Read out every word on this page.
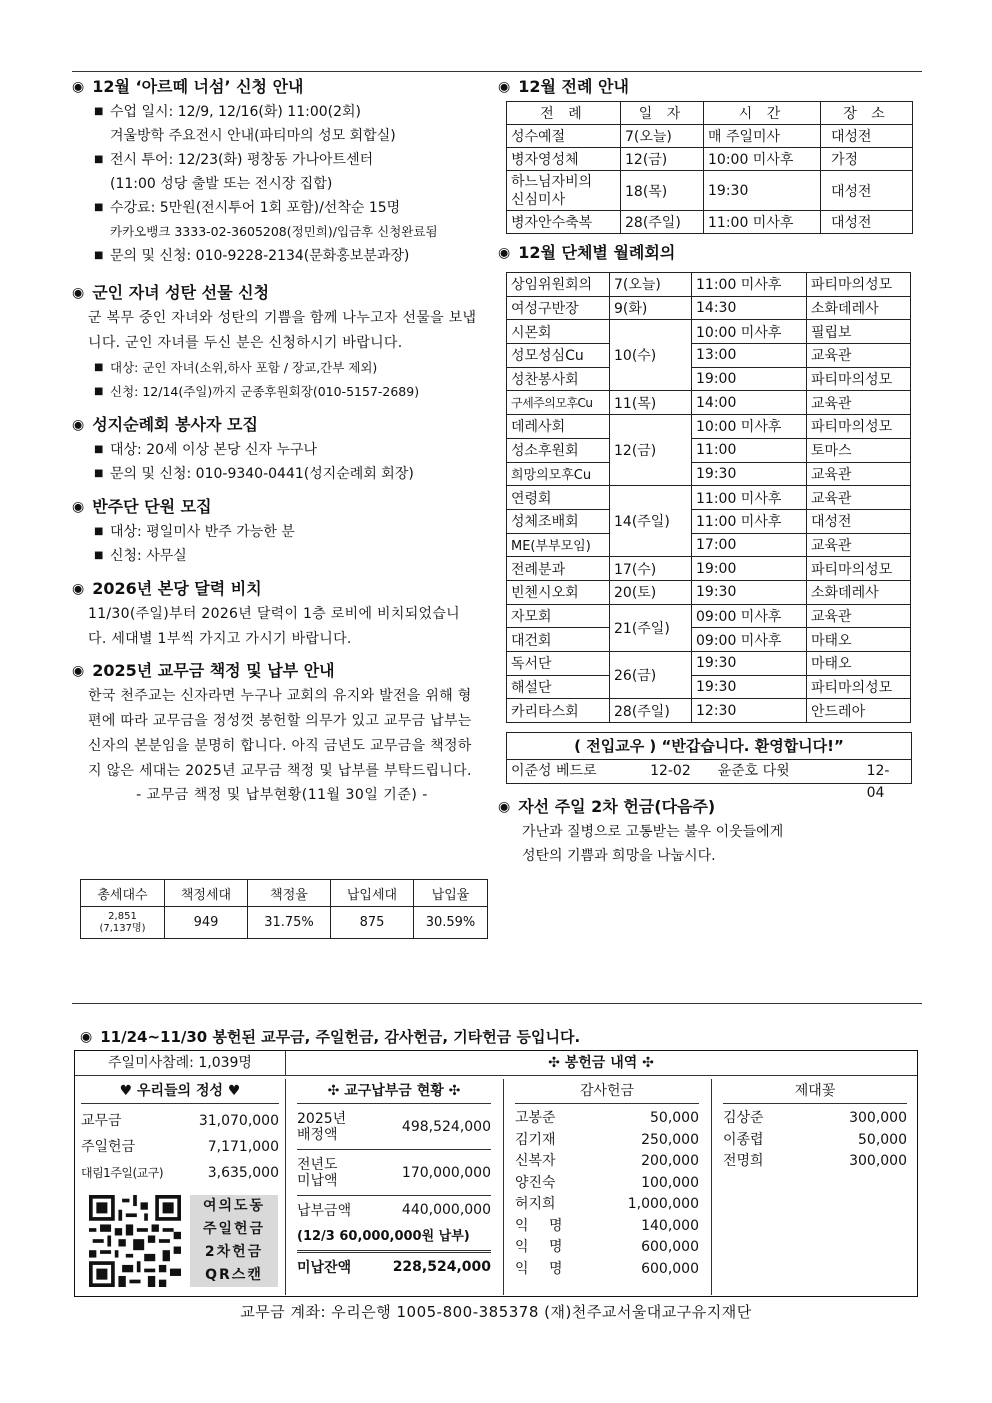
◉ 12월 ‘아르떼 너섬’ 신청 안내
■ 수업 일시: 12/9, 12/16(화) 11:00(2회)
겨울방학 주요전시 안내(파티마의 성모 회합실)
■ 전시 투어: 12/23(화) 평창동 가나아트센터
(11:00 성당 출발 또는 전시장 집합)
■ 수강료: 5만원(전시투어 1회 포함)/선착순 15명
카카오뱅크 3333-02-3605208(정민희)/입금후 신청완료됨
■ 문의 및 신청: 010-9228-2134(문화홍보분과장)
◉ 군인 자녀 성탄 선물 신청
군 복무 중인 자녀와 성탄의 기쁨을 함께 나누고자 선물을 보냅니다. 군인 자녀를 두신 분은 신청하시기 바랍니다.
■ 대상: 군인 자녀(소위,하사 포함 / 장교,간부 제외)
■ 신청: 12/14(주일)까지 군종후원회장(010-5157-2689)
◉ 성지순례회 봉사자 모집
■ 대상: 20세 이상 본당 신자 누구나
■ 문의 및 신청: 010-9340-0441(성지순례회 회장)
◉ 반주단 단원 모집
■ 대상: 평일미사 반주 가능한 분
■ 신청: 사무실
◉ 2026년 본당 달력 비치
11/30(주일)부터 2026년 달력이 1층 로비에 비치되었습니다. 세대별 1부씩 가지고 가시기 바랍니다.
◉ 2025년 교무금 책정 및 납부 안내
한국 천주교는 신자라면 누구나 교회의 유지와 발전을 위해 형편에 따라 교무금을 정성껏 봉헌할 의무가 있고 교무금 납부는 신자의 본분임을 분명히 합니다. 아직 금년도 교무금을 책정하지 않은 세대는 2025년 교무금 책정 및 납부를 부탁드립니다.
- 교무금 책정 및 납부현황(11월 30일 기준) -
총세대수	책정세대	책정율	납입세대	납입율

2,851
(7,137명)	949	31.75%	875	30.59%
◉ 12월 전례 안내
전 례	일 자	시 간	장 소
성수예절	7(오늘)	매 주일미사	대성전
병자영성체	12(금)	10:00 미사후	가정

하느님자비의
신심미사	18(목)	19:30	대성전
병자안수축복	28(주일)	11:00 미사후	대성전
◉ 12월 단체별 월례회의
상임위원회의	7(오늘)	11:00 미사후	파티마의성모
여성구반장	9(화)	14:30	소화데레사
시몬회	10(수)	10:00 미사후	필립보
성모성심Cu		13:00	교육관
성찬봉사회		19:00	파티마의성모
구세주의모후Cu	11(목)	14:00	교육관
데레사회	12(금)	10:00 미사후	파티마의성모
성소후원회		11:00	토마스
희망의모후Cu		19:30	교육관
연령회	14(주일)	11:00 미사후	교육관
성체조배회		11:00 미사후	대성전
ME(부부모임)		17:00	교육관
전례분과	17(수)	19:00	파티마의성모
빈첸시오회	20(토)	19:30	소화데레사
자모회	21(주일)	09:00 미사후	교육관
대건회		09:00 미사후	마태오
독서단	26(금)	19:30	마태오
해설단		19:30	파티마의성모
카리타스회	28(주일)	12:30	안드레아
( 전입교우 ) “반갑습니다. 환영합니다!”
이준성 베드로	12-02	윤준호 다윗	12-04
◉ 자선 주일 2차 헌금(다음주)
가난과 질병으로 고통받는 불우 이웃들에게
성탄의 기쁨과 희망을 나눕시다.
◉ 11/24~11/30 봉헌된 교무금, 주일헌금, 감사헌금, 기타헌금 등입니다.
주일미사참례: 1,039명	✣ 봉헌금 내역 ✣
♥ 우리들의 정성 ♥
교무금	31,070,000
주일헌금	7,171,000
대림1주일(교구)	3,635,000
여의도동
주일헌금
2차헌금
QR스캔
✣ 교구납부금 현황 ✣
2025년
배정액	498,524,000
전년도
미납액	170,000,000
납부금액	440,000,000
(12/3 60,000,000원 납부)
미납잔액	228,524,000
감사헌금
고봉준	50,000
김기재	250,000
신복자	200,000
양진숙	100,000
허지희	1,000,000
익 명	140,000
익 명	600,000
익 명	600,000
제대꽃
김상준	300,000
이종렵	50,000
전명희	300,000
교무금 계좌: 우리은행 1005-800-385378 (재)천주교서울대교구유지재단
